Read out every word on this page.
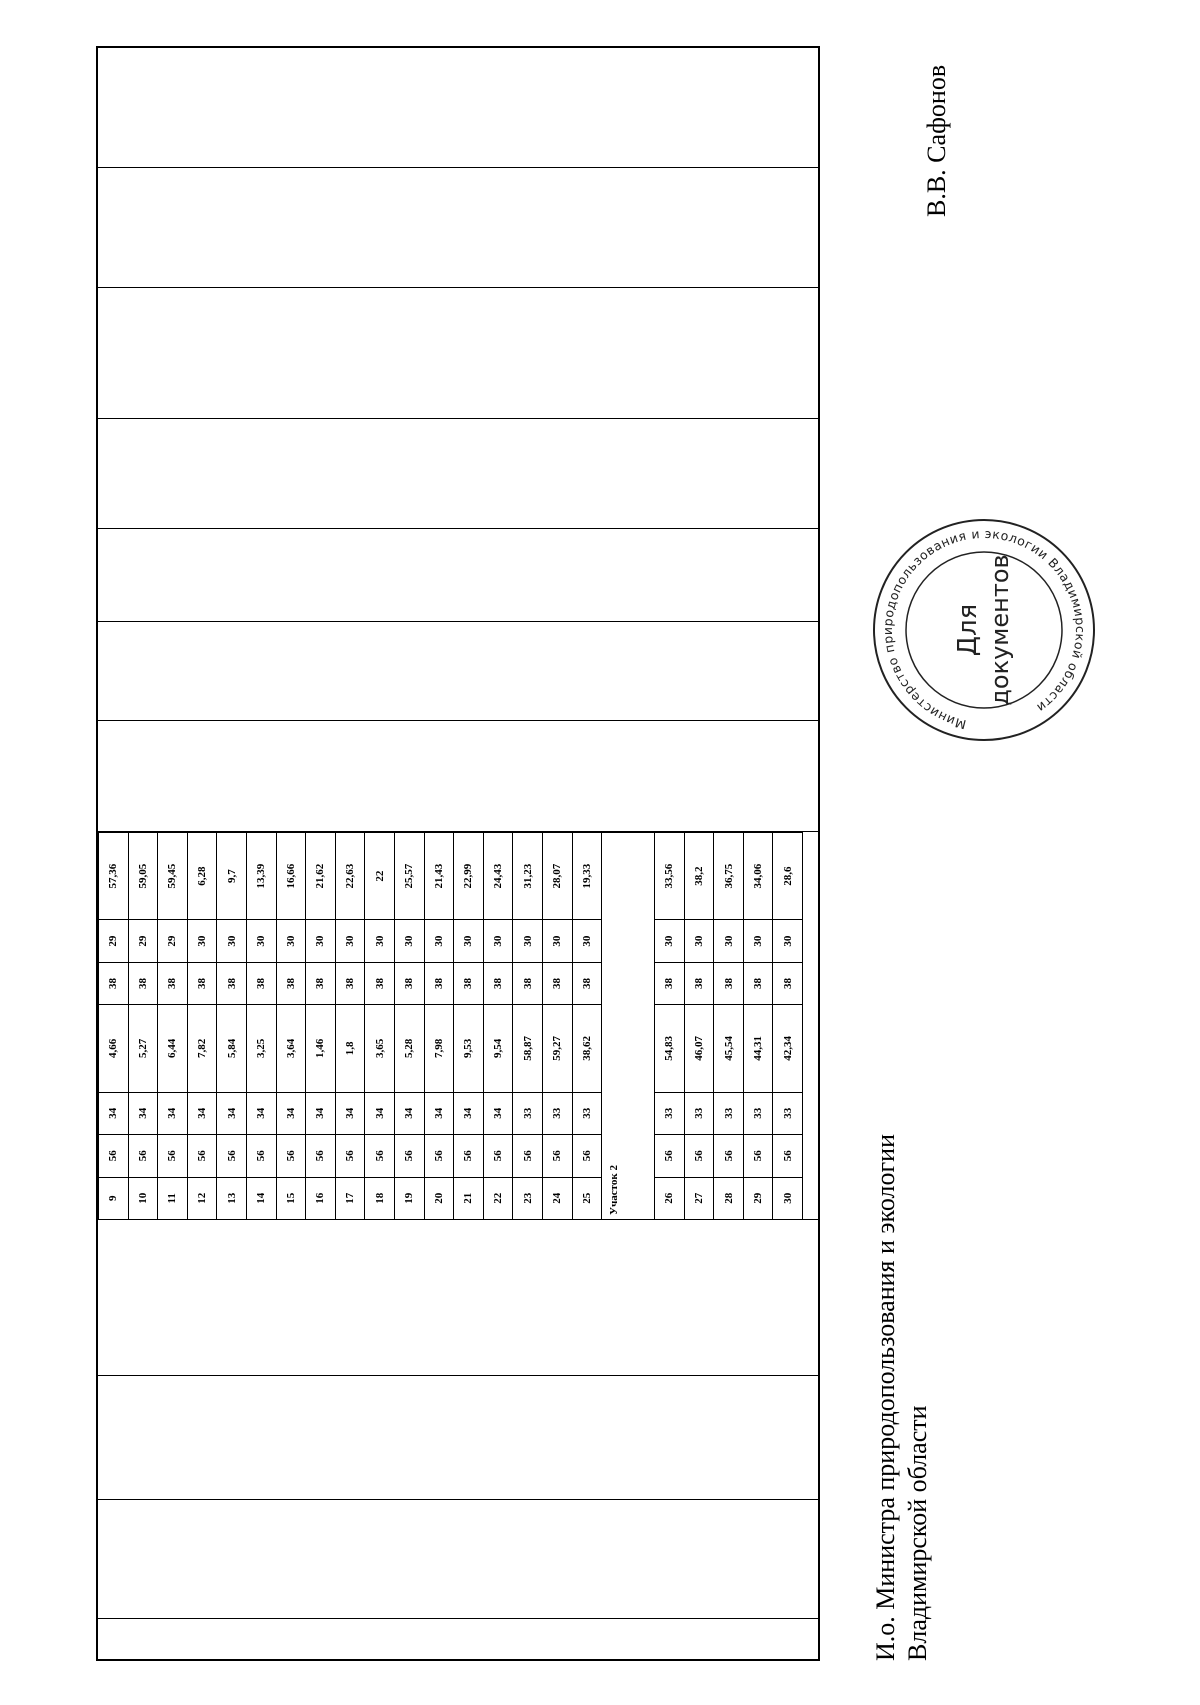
9	56	34	4,66	38	29	57,36
10	56	34	5,27	38	29	59,05
11	56	34	6,44	38	29	59,45
12	56	34	7,82	38	30	6,28
13	56	34	5,84	38	30	9,7
14	56	34	3,25	38	30	13,39
15	56	34	3,64	38	30	16,66
16	56	34	1,46	38	30	21,62
17	56	34	1,8	38	30	22,63
18	56	34	3,65	38	30	22
19	56	34	5,28	38	30	25,57
20	56	34	7,98	38	30	21,43
21	56	34	9,53	38	30	22,99
22	56	34	9,54	38	30	24,43
23	56	33	58,87	38	30	31,23
24	56	33	59,27	38	30	28,07
25	56	33	38,62	38	30	19,33
Участок 2						
26	56	33	54,83	38	30	33,56
27	56	33	46,07	38	30	38,2
28	56	33	45,54	38	30	36,75
29	56	33	44,31	38	30	34,06
30	56	33	42,34	38	30	28,6
И.о. Министра природопользования и экологии Владимирской области
В.В. Сафонов
Министерство природопользования и экологии Владимирской области
Для документов
